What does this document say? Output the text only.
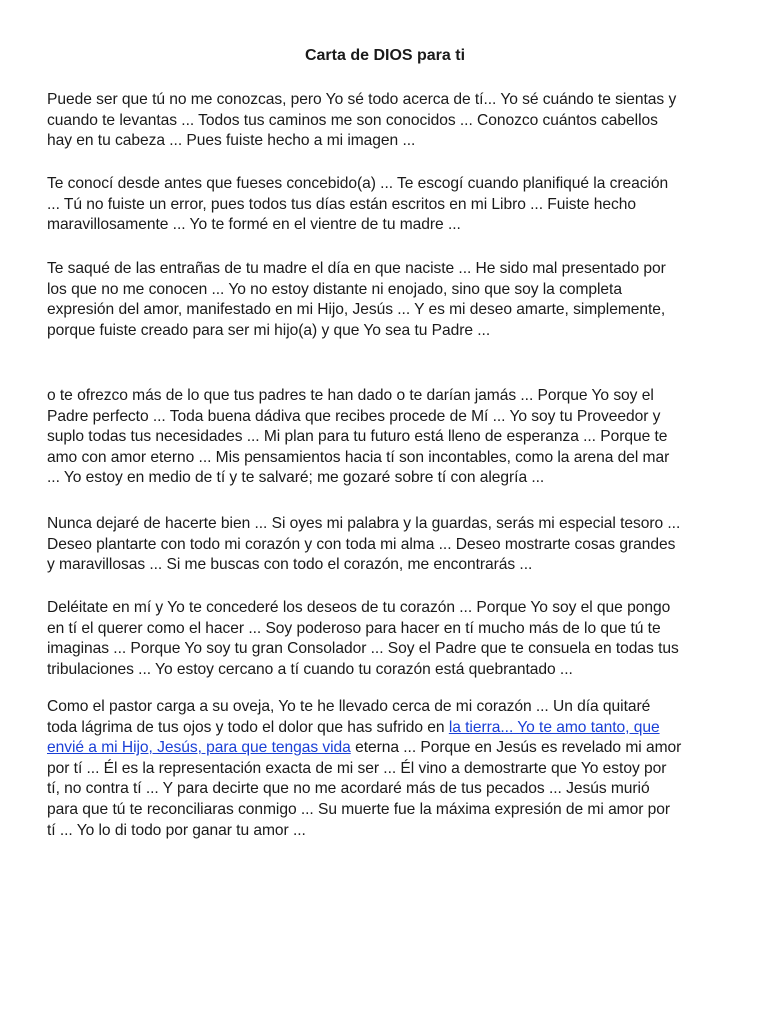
Carta de DIOS para ti

Puede ser que tú no me conozcas, pero Yo sé todo acerca de tí... Yo sé cuándo te sientas y
cuando te levantas ... Todos tus caminos me son conocidos ... Conozco cuántos cabellos
hay en tu cabeza ... Pues fuiste hecho a mi imagen ...

Te conocí desde antes que fueses concebido(a) ... Te escogí cuando planifiqué la creación
... Tú no fuiste un error, pues todos tus días están escritos en mi Libro ... Fuiste hecho
maravillosamente ... Yo te formé en el vientre de tu madre ...

Te saqué de las entrañas de tu madre el día en que naciste ... He sido mal presentado por
los que no me conocen ... Yo no estoy distante ni enojado, sino que soy la completa
expresión del amor, manifestado en mi Hijo, Jesús ... Y es mi deseo amarte, simplemente,
porque fuiste creado para ser mi hijo(a) y que Yo sea tu Padre ...

o te ofrezco más de lo que tus padres te han dado o te darían jamás ... Porque Yo soy el
Padre perfecto ... Toda buena dádiva que recibes procede de Mí ... Yo soy tu Proveedor y
suplo todas tus necesidades ... Mi plan para tu futuro está lleno de esperanza ... Porque te
amo con amor eterno ... Mis pensamientos hacia tí son incontables, como la arena del mar
... Yo estoy en medio de tí y te salvaré; me gozaré sobre tí con alegría ...

Nunca dejaré de hacerte bien ... Si oyes mi palabra y la guardas, serás mi especial tesoro ...
Deseo plantarte con todo mi corazón y con toda mi alma ... Deseo mostrarte cosas grandes
y maravillosas ... Si me buscas con todo el corazón, me encontrarás ...

Deléitate en mí y Yo te concederé los deseos de tu corazón ... Porque Yo soy el que pongo
en tí el querer como el hacer ... Soy poderoso para hacer en tí mucho más de lo que tú te
imaginas ... Porque Yo soy tu gran Consolador ... Soy el Padre que te consuela en todas tus
tribulaciones ... Yo estoy cercano a tí cuando tu corazón está quebrantado ...

Como el pastor carga a su oveja, Yo te he llevado cerca de mi corazón ... Un día quitaré
toda lágrima de tus ojos y todo el dolor que has sufrido en la tierra... Yo te amo tanto, que
envié a mi Hijo, Jesús, para que tengas vida eterna ... Porque en Jesús es revelado mi amor
por tí ... Él es la representación exacta de mi ser ... Él vino a demostrarte que Yo estoy por
tí, no contra tí ... Y para decirte que no me acordaré más de tus pecados ... Jesús murió
para que tú te reconciliaras conmigo ... Su muerte fue la máxima expresión de mi amor por
tí ... Yo lo di todo por ganar tu amor ...
